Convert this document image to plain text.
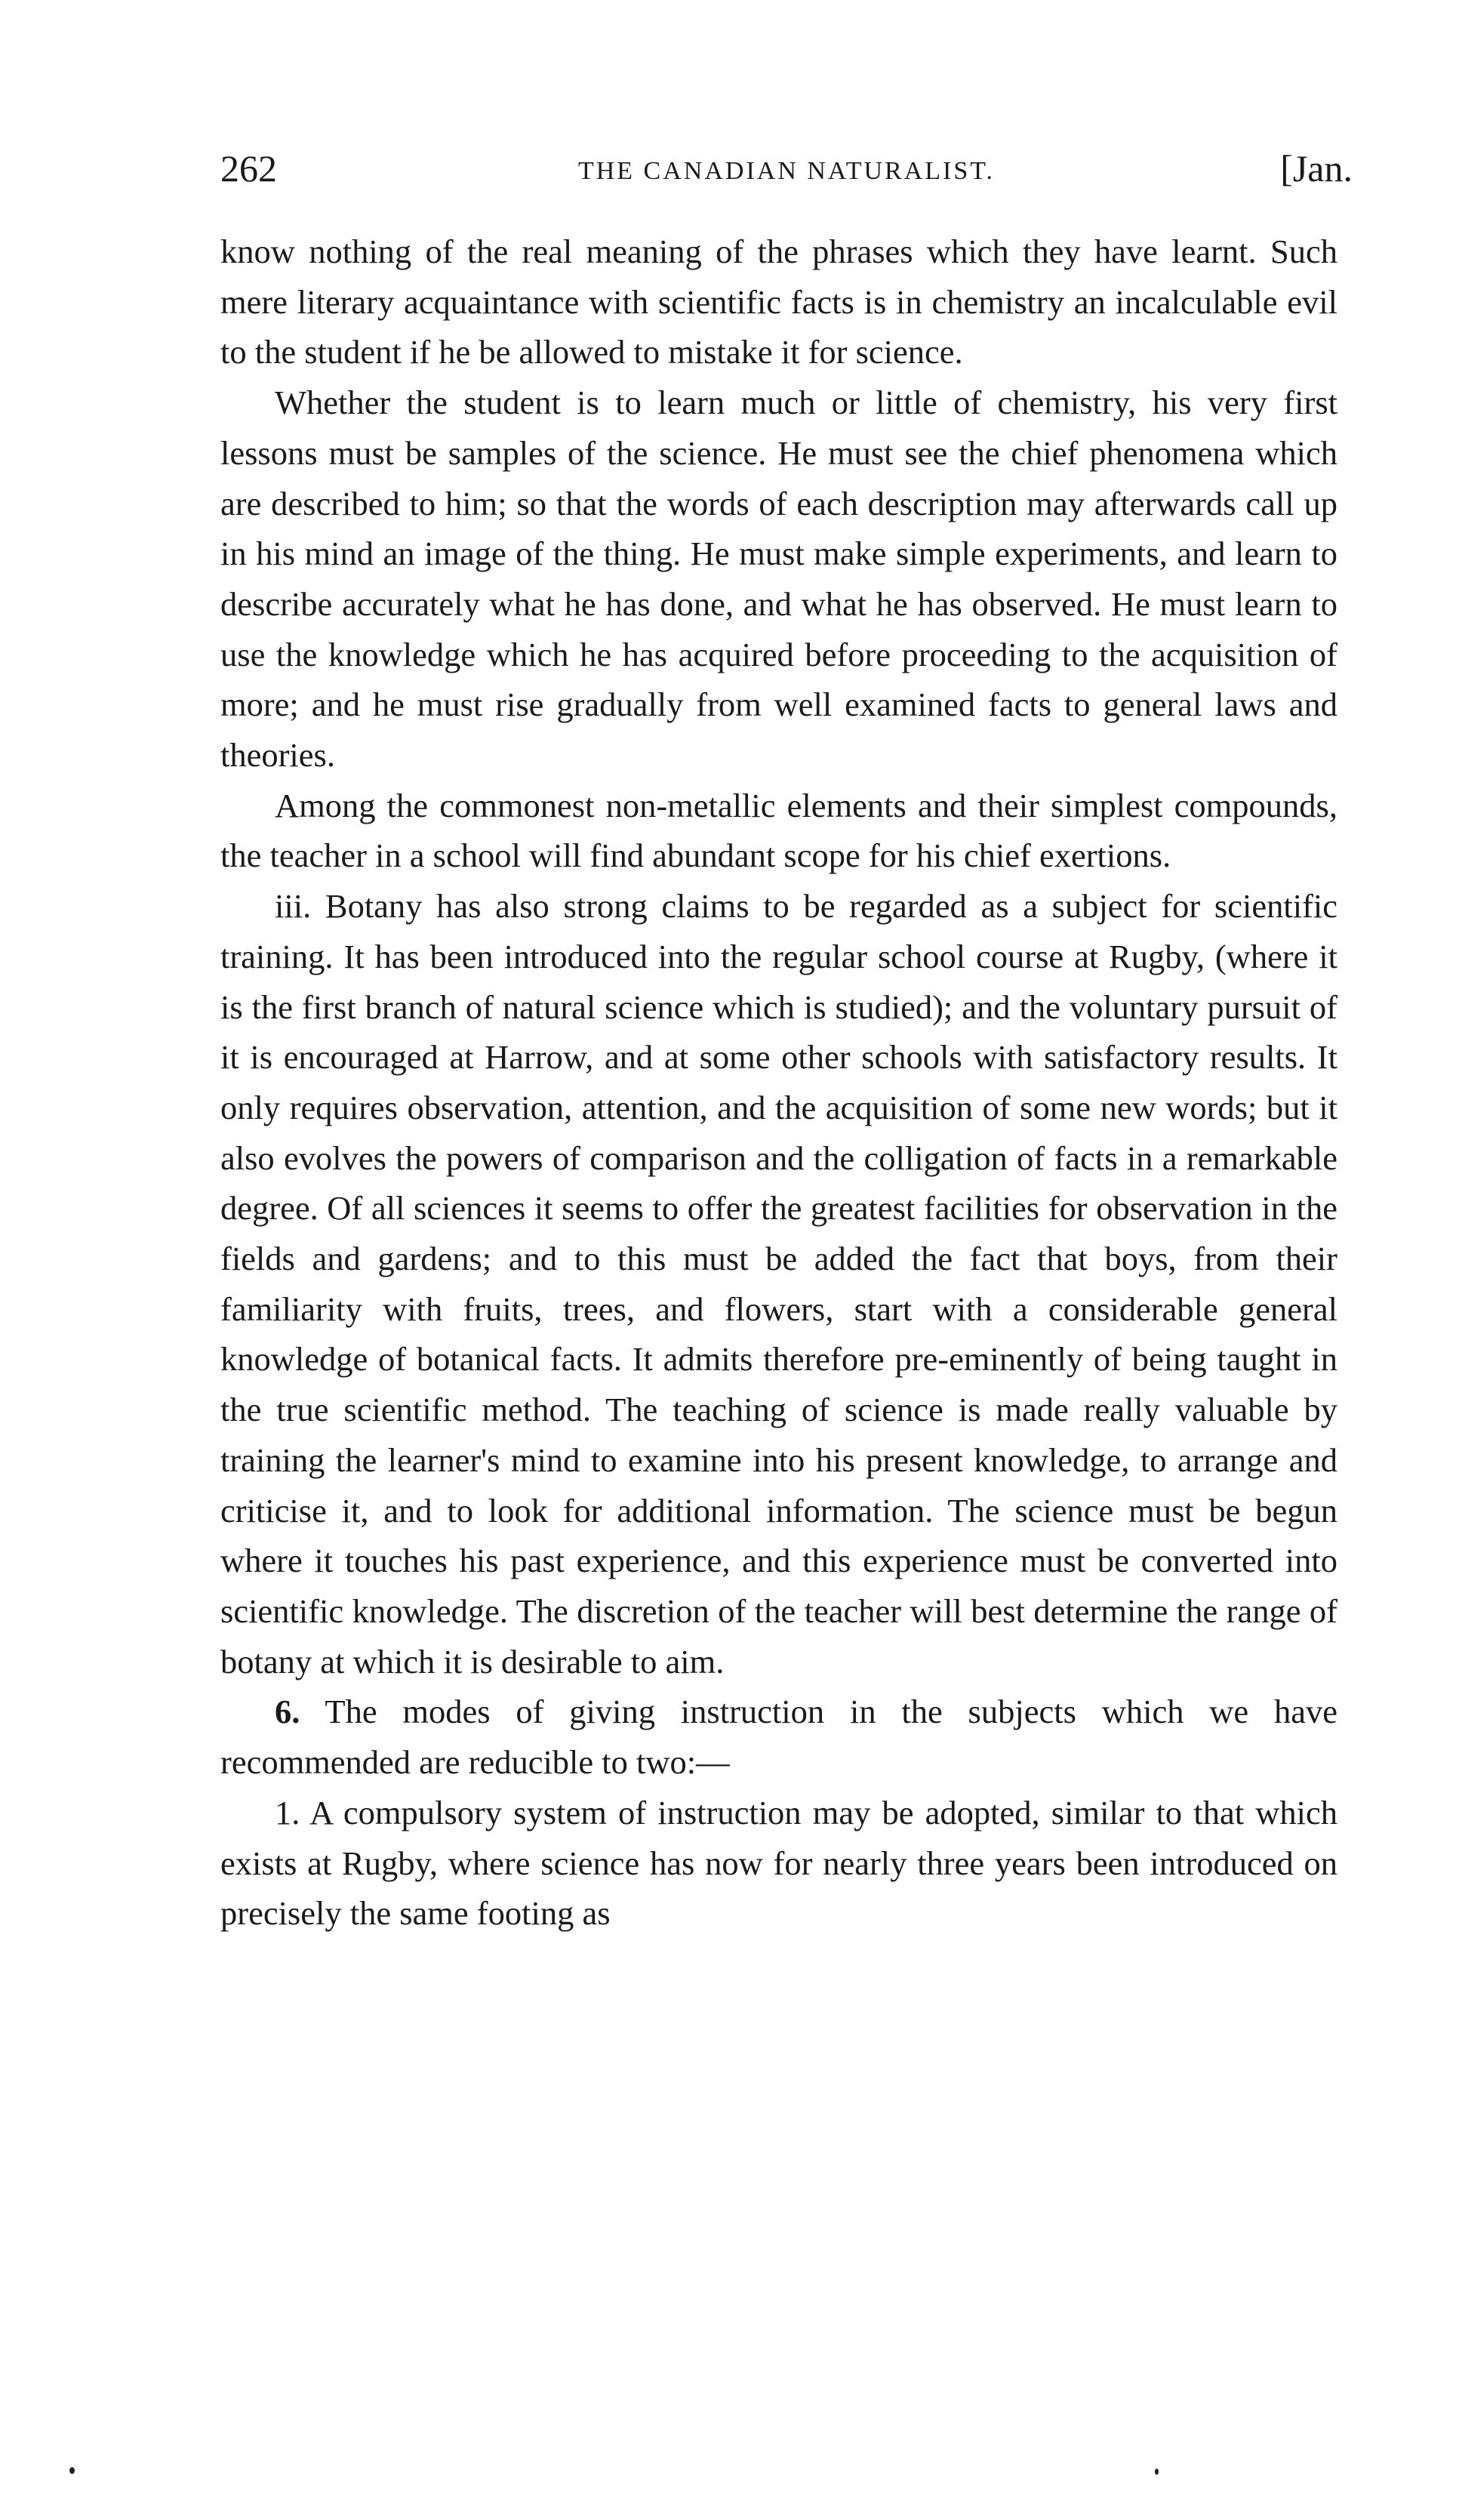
262	THE CANADIAN NATURALIST.	[Jan.

know nothing of the real meaning of the phrases which they have learnt. Such mere literary acquaintance with scientific facts is in chemistry an incalculable evil to the student if he be allowed to mistake it for science.

Whether the student is to learn much or little of chemistry, his very first lessons must be samples of the science. He must see the chief phenomena which are described to him; so that the words of each description may afterwards call up in his mind an image of the thing. He must make simple experiments, and learn to describe accurately what he has done, and what he has observed. He must learn to use the knowledge which he has acquired before proceeding to the acquisition of more; and he must rise gradually from well examined facts to general laws and theories.

Among the commonest non-metallic elements and their simplest compounds, the teacher in a school will find abundant scope for his chief exertions.

iii. Botany has also strong claims to be regarded as a subject for scientific training. It has been introduced into the regular school course at Rugby, (where it is the first branch of natural science which is studied); and the voluntary pursuit of it is encouraged at Harrow, and at some other schools with satisfactory results. It only requires observation, attention, and the acquisition of some new words; but it also evolves the powers of comparison and the colligation of facts in a remarkable degree. Of all sciences it seems to offer the greatest facilities for observation in the fields and gardens; and to this must be added the fact that boys, from their familiarity with fruits, trees, and flowers, start with a considerable general knowledge of botanical facts. It admits therefore pre-eminently of being taught in the true scientific method. The teaching of science is made really valuable by training the learner's mind to examine into his present knowledge, to arrange and criticise it, and to look for additional information. The science must be begun where it touches his past experience, and this experience must be converted into scientific knowledge. The discretion of the teacher will best determine the range of botany at which it is desirable to aim.

6. The modes of giving instruction in the subjects which we have recommended are reducible to two:—

1. A compulsory system of instruction may be adopted, similar to that which exists at Rugby, where science has now for nearly three years been introduced on precisely the same footing as
